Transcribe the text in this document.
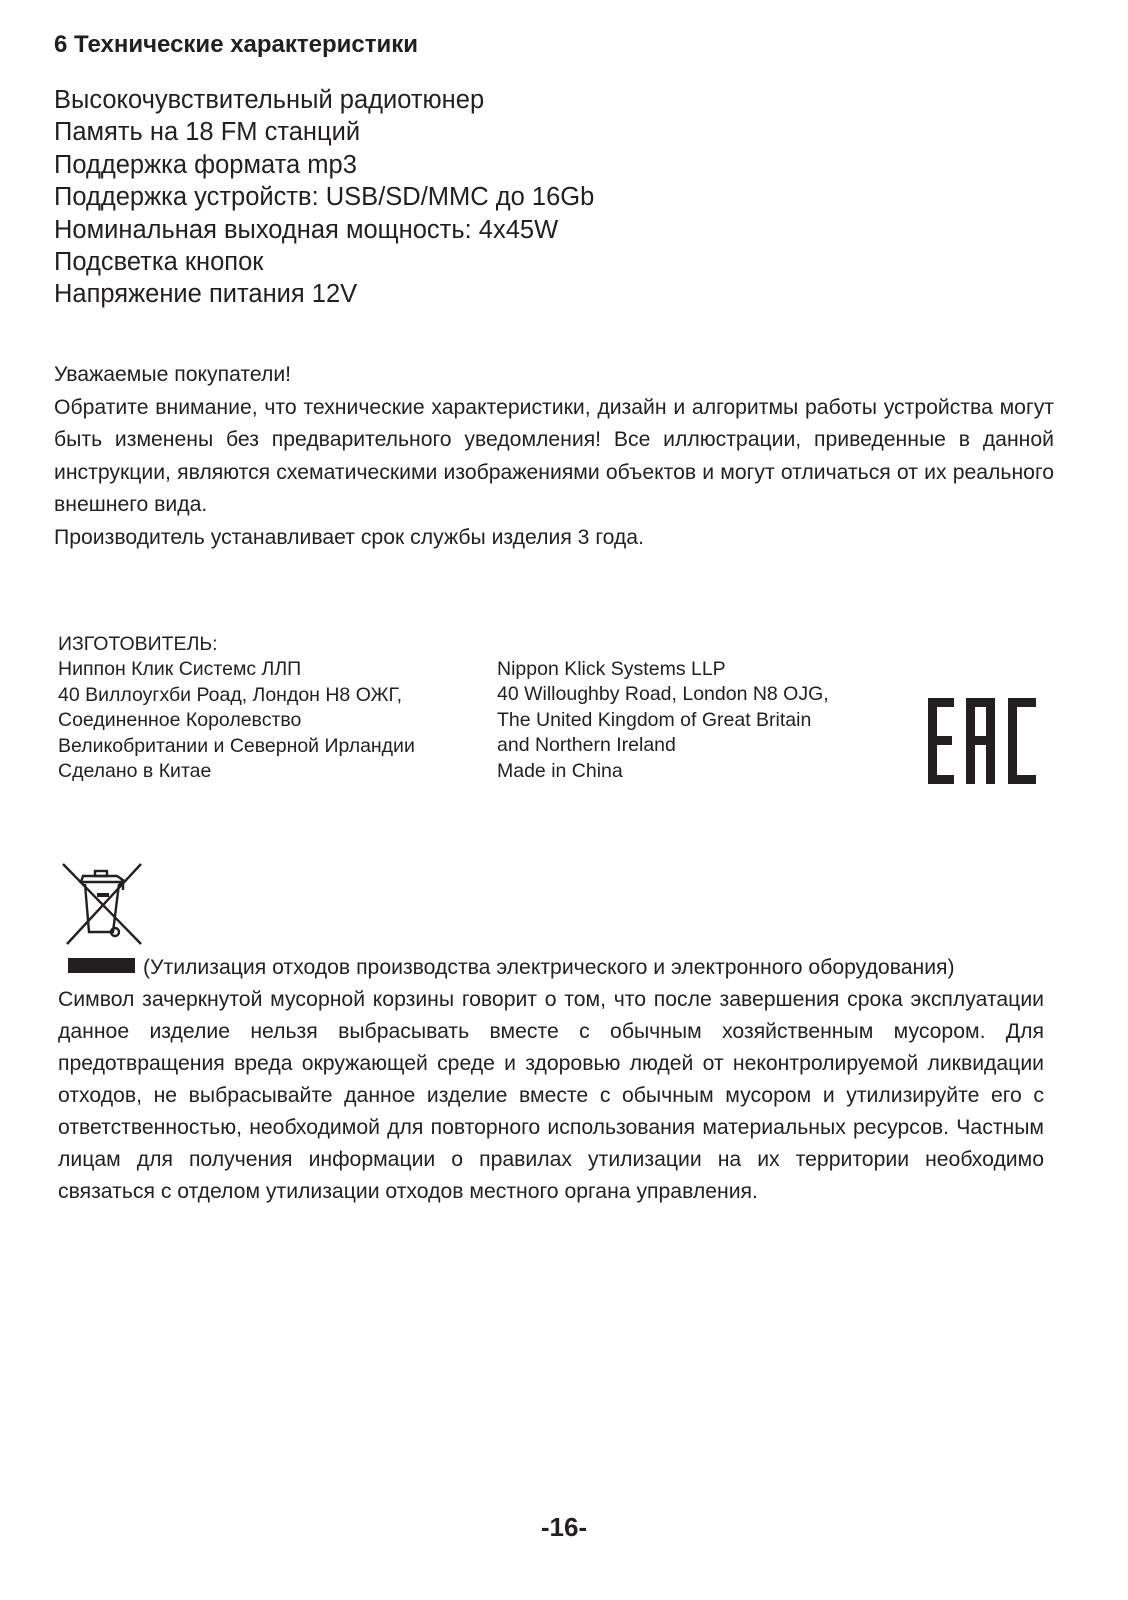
6 Технические характеристики
Высокочувствительный радиотюнер
Память на 18 FM станций
Поддержка формата mp3
Поддержка устройств: USB/SD/MMC до 16Gb
Номинальная выходная мощность: 4х45W
Подсветка кнопок
Напряжение питания 12V

Уважаемые покупатели!

Обратите внимание, что технические характеристики, дизайн и алгоритмы работы устройства могут быть изменены без предварительного уведомления! Все иллюстрации, приведенные в данной инструкции, являются схематическими изображениями объектов и могут отличаться от их реального внешнего вида.

Производитель устанавливает срок службы изделия 3 года.

ИЗГОТОВИТЕЛЬ:
Ниппон Клик Системс ЛЛП
40 Виллоугхби Роад, Лондон Н8 ОЖГ,
Соединенное Королевство
Великобритании и Северной Ирландии
Сделано в Китае
Nippon Klick Systems LLP
40 Willoughby Road, London N8 OJG,
The United Kingdom of Great Britain
and Northern Ireland
Made in China

(Утилизация отходов производства электрического и электронного оборудования)

Символ зачеркнутой мусорной корзины говорит о том, что после завершения срока эксплуатации данное изделие нельзя выбрасывать вместе с обычным хозяйственным мусором. Для предотвращения вреда окружающей среде и здоровью людей от неконтролируемой ликвидации отходов, не выбрасывайте данное изделие вместе с обычным мусором и утилизируйте его с ответственностью, необходимой для повторного использования материальных ресурсов. Частным лицам для получения информации о правилах утилизации на их территории необходимо связаться с отделом утилизации отходов местного органа управления.

-16-
